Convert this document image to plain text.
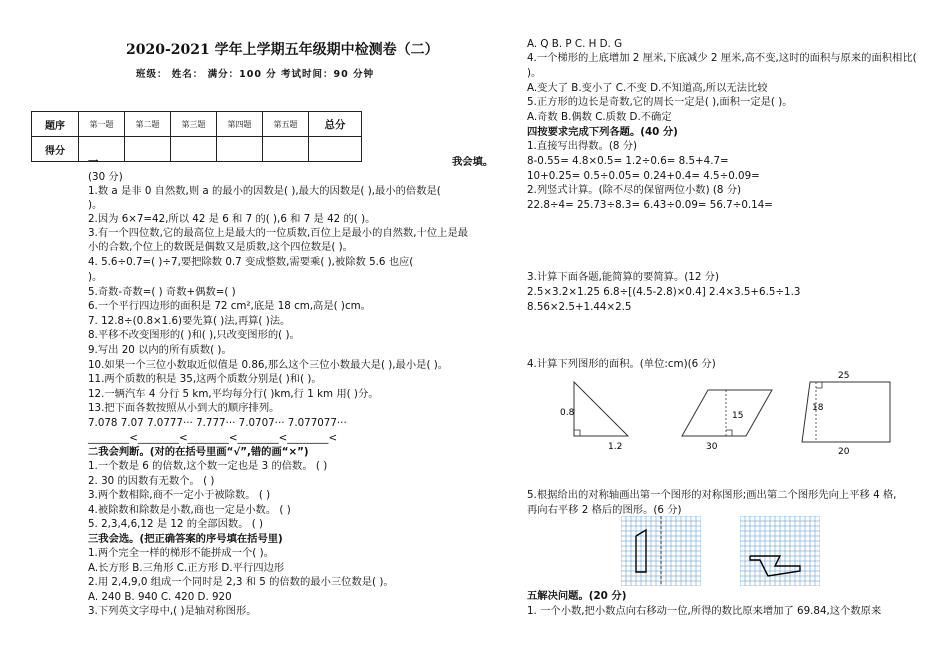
2020-2021 学年上学期五年级期中检测卷（二）
班级： 姓名： 满分：100 分 考试时间：90 分钟
一	我会填。
(30 分)
1.数 a 是非 0 自然数,则 a 的最小的因数是( ),最大的因数是( ),最小的倍数是(
)。
2.因为 6×7=42,所以 42 是 6 和 7 的( ),6 和 7 是 42 的( )。
3.有一个四位数,它的最高位上是最大的一位质数,百位上是最小的自然数,十位上是最
小的合数,个位上的数既是偶数又是质数,这个四位数是( )。
4. 5.6÷0.7=( )÷7,要把除数 0.7 变成整数,需要乘( ),被除数 5.6 也应(
)。
5.奇数-奇数=( ) 奇数+偶数=( )
6.一个平行四边形的面积是 72 cm²,底是 18 cm,高是( )cm。
7. 12.8÷(0.8×1.6)要先算( )法,再算( )法。
8.平移不改变图形的( )和( ),只改变图形的( )。
9.写出 20 以内的所有质数( )。
10.如果一个三位小数取近似值是 0.86,那么这个三位小数最大是( ),最小是( )。
11.两个质数的积是 35,这两个质数分别是( )和( )。
12.一辆汽车 4 分行 5 km,平均每分行( )km,行 1 km 用( )分。
13.把下面各数按照从小到大的顺序排列。
7.078 7.07 7.0777··· 7.777··· 7.0707··· 7.077077···
________<________<________<________<________<
二我会判断。(对的在括号里画“√”,错的画“×”)
1.一个数是 6 的倍数,这个数一定也是 3 的倍数。 ( )
2. 30 的因数有无数个。 ( )
3.两个数相除,商不一定小于被除数。 ( )
4.被除数和除数是小数,商也一定是小数。 ( )
5. 2,3,4,6,12 是 12 的全部因数。 ( )
三我会选。(把正确答案的序号填在括号里)
1.两个完全一样的梯形不能拼成一个( )。
A.长方形 B.三角形 C.正方形 D.平行四边形
2.用 2,4,9,0 组成一个同时是 2,3 和 5 的倍数的最小三位数是( )。
A. 240 B. 940 C. 420 D. 920
3.下列英文字母中,( )是轴对称图形。
题序	第一题	第二题	第三题	第四题	第五题	总分
得分						
A. Q B. P C. H D. G
4.一个梯形的上底增加 2 厘米,下底减少 2 厘米,高不变,这时的面积与原来的面积相比(
)。
A.变大了 B.变小了 C.不变 D.不知道高,所以无法比较
5.正方形的边长是奇数,它的周长一定是( ),面积一定是( )。
A.奇数 B.偶数 C.质数 D.不确定
四按要求完成下列各题。(40 分)
1.直接写出得数。(8 分)
8-0.55= 4.8×0.5= 1.2÷0.6= 8.5+4.7=
10+0.25= 0.5÷0.05= 0.24+0.4= 4.5÷0.09=
2.列竖式计算。(除不尽的保留两位小数) (8 分)
22.8÷4= 25.73÷8.3= 6.43÷0.09= 56.7÷0.14=
3.计算下面各题,能简算的要简算。(12 分)
2.5×3.2×1.25 6.8÷[(4.5-2.8)×0.4] 2.4×3.5+6.5÷1.3
8.56×2.5+1.44×2.5
4.计算下列图形的面积。(单位:cm)(6 分)
5.根据给出的对称轴画出第一个图形的对称图形;画出第二个图形先向上平移 4 格,
再向右平移 2 格后的图形。(6 分)
五解决问题。(20 分)
1. 一个小数,把小数点向右移动一位,所得的数比原来增加了 69.84,这个数原来
0.8
1.2
15
30
25
18
20
